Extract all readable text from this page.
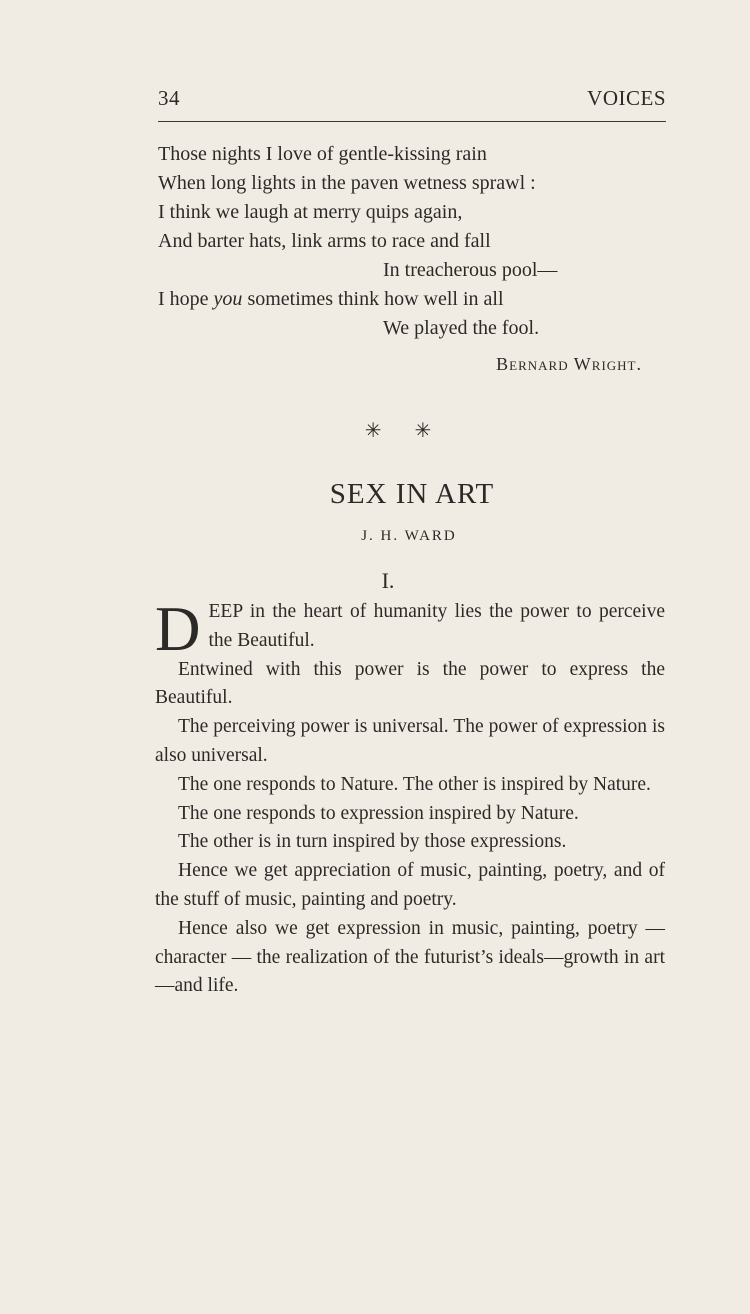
34	VOICES
Those nights I love of gentle-kissing rain
When long lights in the paven wetness sprawl :
I think we laugh at merry quips again,
And barter hats, link arms to race and fall
In treacherous pool—
I hope you sometimes think how well in all
We played the fool.
Bernard Wright.
✳ ✳
SEX IN ART
J. H. WARD
I.

DEEP in the heart of humanity lies the power to perceive the Beautiful.

Entwined with this power is the power to express the Beautiful.

The perceiving power is universal. The power of expression is also universal.

The one responds to Nature. The other is inspired by Nature.

The one responds to expression inspired by Nature.

The other is in turn inspired by those expressions.

Hence we get appreciation of music, painting, poetry, and of the stuff of music, painting and poetry.

Hence also we get expression in music, painting, poetry — character — the realization of the futurist’s ideals—growth in art—and life.
